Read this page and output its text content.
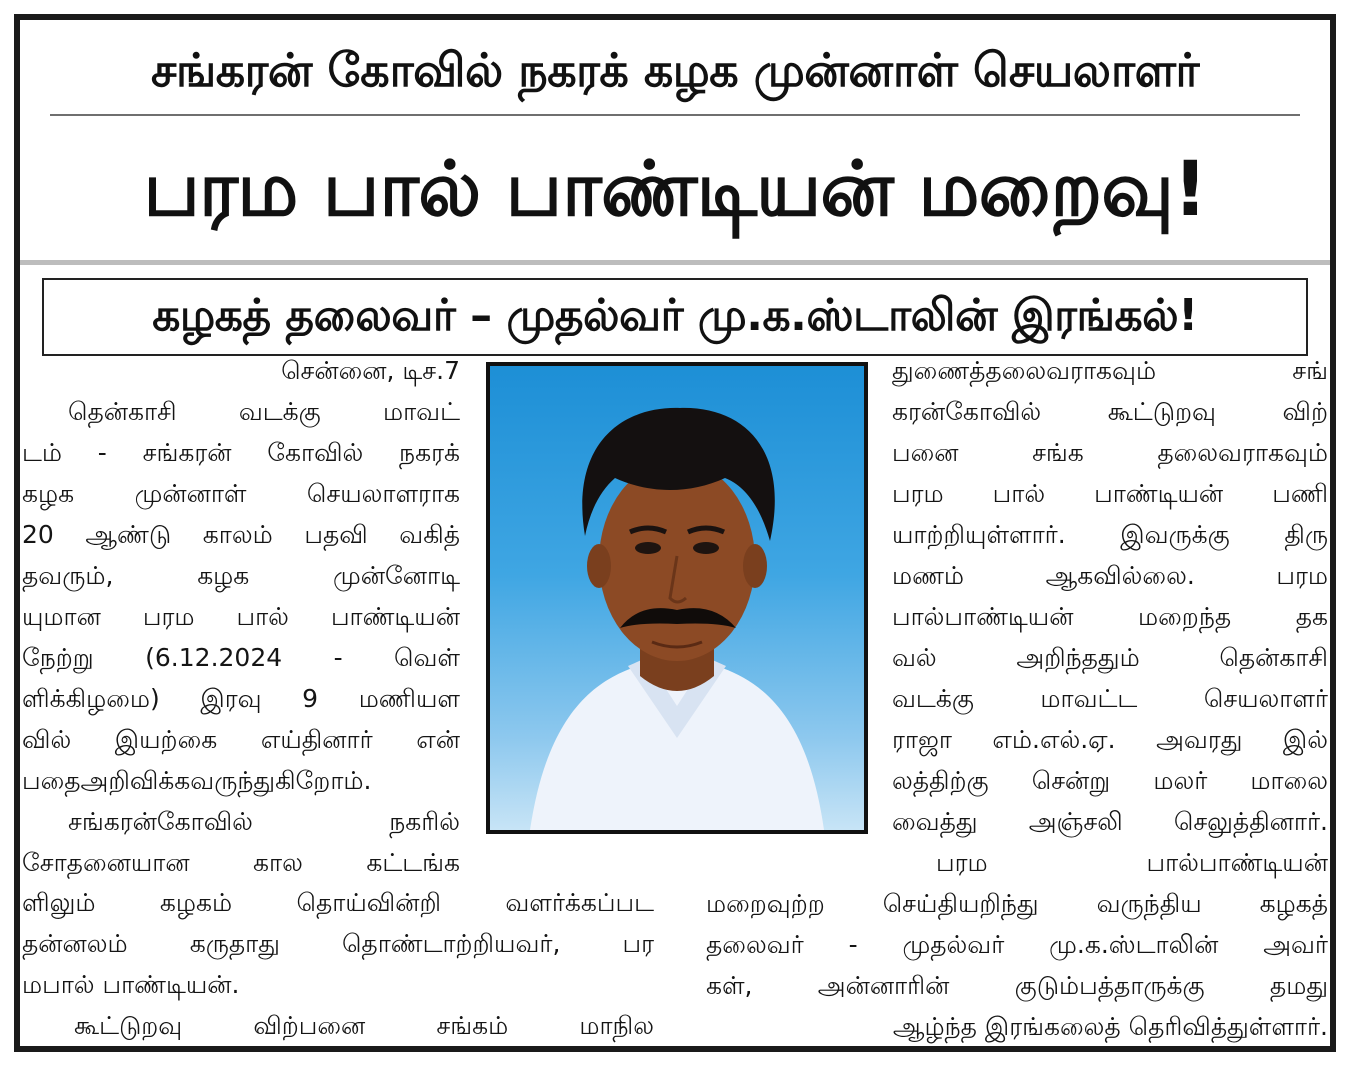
சங்கரன் கோவில் நகரக் கழக முன்னாள் செயலாளர்
பரம பால் பாண்டியன் மறைவு!
கழகத் தலைவர் – முதல்வர் மு.க.ஸ்டாலின் இரங்கல்!
சென்னை, டிச.7
தென்காசி வடக்கு மாவட்
டம் - சங்கரன் கோவில் நகரக்
கழக முன்னாள் செயலாளராக
20 ஆண்டு காலம் பதவி வகித்
தவரும், கழக முன்னோடி
யுமான பரம பால் பாண்டியன்
நேற்று (6.12.2024 - வெள்
ளிக்கிழமை) இரவு 9 மணியள
வில் இயற்கை எய்தினார் என்
பதைஅறிவிக்கவருந்துகிறோம்.
சங்கரன்கோவில் நகரில்
சோதனையான கால கட்டங்க
ளிலும் கழகம் தொய்வின்றி வளர்க்கப்பட
தன்னலம் கருதாது தொண்டாற்றியவர், பர
மபால் பாண்டியன்.
கூட்டுறவு விற்பனை சங்கம் மாநில
துணைத்தலைவராகவும் சங்
கரன்கோவில் கூட்டுறவு விற்
பனை சங்க தலைவராகவும்
பரம பால் பாண்டியன் பணி
யாற்றியுள்ளார். இவருக்கு திரு
மணம் ஆகவில்லை. பரம
பால்பாண்டியன் மறைந்த தக
வல் அறிந்ததும் தென்காசி
வடக்கு மாவட்ட செயலாளர்
ராஜா எம்.எல்.ஏ. அவரது இல்
லத்திற்கு சென்று மலர் மாலை
வைத்து அஞ்சலி செலுத்தினார்.
பரம பால்பாண்டியன்
மறைவுற்ற செய்தியறிந்து வருந்திய கழகத்
தலைவர் - முதல்வர் மு.க.ஸ்டாலின் அவர்
கள், அன்னாரின் குடும்பத்தாருக்கு தமது
ஆழ்ந்த இரங்கலைத் தெரிவித்துள்ளார்.
